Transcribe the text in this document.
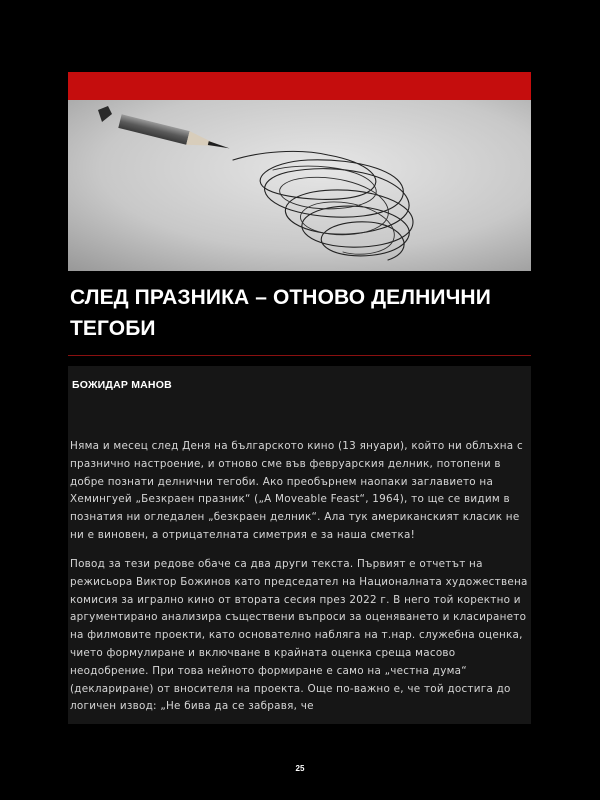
СЛЕД ПРАЗНИКА – ОТНОВО ДЕЛНИЧНИ ТЕГОБИ
БОЖИДАР МАНОВ

Няма и месец след Деня на българското кино (13 януари), който ни облъхна с празнично настроение, и отново сме във февруарския делник, потопени в добре познати делнични тегоби. Ако преобърнем наопаки заглавието на Хемингуей „Безкраен празник“ („A Moveable Feast“, 1964), то ще се видим в познатия ни огледален „безкраен делник“. Ала тук американският класик не ни е виновен, а отрицателната симетрия е за наша сметка!

Повод за тези редове обаче са два други текста. Първият е отчетът на режисьора Виктор Божинов като председател на Националната художествена комисия за игрално кино от втората сесия през 2022 г. В него той коректно и аргументирано анализира съществени въпроси за оценяването и класирането на филмовите проекти, като основателно набляга на т.нар. служебна оценка, чието формулиране и включване в крайната оценка среща масово неодобрение. При това нейното формиране е само на „честна дума“ (деклариране) от вносителя на проекта. Още по-важно е, че той достига до логичен извод: „Не бива да се забравя, че

25
